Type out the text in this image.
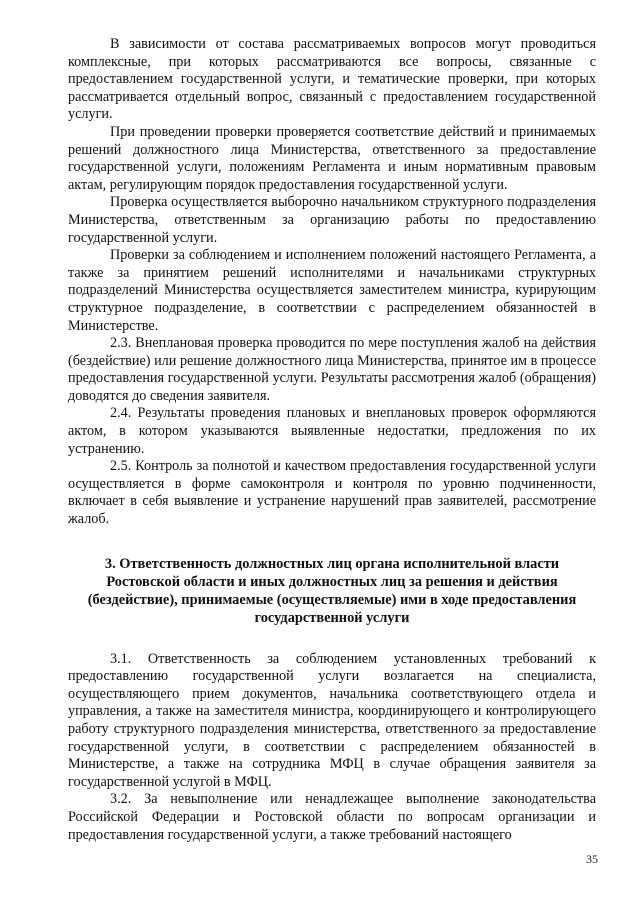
В зависимости от состава рассматриваемых вопросов могут проводиться комплексные, при которых рассматриваются все вопросы, связанные с предоставлением государственной услуги, и тематические проверки, при которых рассматривается отдельный вопрос, связанный с предоставлением государственной услуги.

При проведении проверки проверяется соответствие действий и принимаемых решений должностного лица Министерства, ответственного за предоставление государственной услуги, положениям Регламента и иным нормативным правовым актам, регулирующим порядок предоставления государственной услуги.

Проверка осуществляется выборочно начальником структурного подразделения Министерства, ответственным за организацию работы по предоставлению государственной услуги.

Проверки за соблюдением и исполнением положений настоящего Регламента, а также за принятием решений исполнителями и начальниками структурных подразделений Министерства осуществляется заместителем министра, курирующим структурное подразделение, в соответствии с распределением обязанностей в Министерстве.

2.3. Внеплановая проверка проводится по мере поступления жалоб на действия (бездействие) или решение должностного лица Министерства, принятое им в процессе предоставления государственной услуги. Результаты рассмотрения жалоб (обращения) доводятся до сведения заявителя.

2.4. Результаты проведения плановых и внеплановых проверок оформляются актом, в котором указываются выявленные недостатки, предложения по их устранению.

2.5. Контроль за полнотой и качеством предоставления государственной услуги осуществляется в форме самоконтроля и контроля по уровню подчиненности, включает в себя выявление и устранение нарушений прав заявителей, рассмотрение жалоб.

3. Ответственность должностных лиц органа исполнительной власти Ростовской области и иных должностных лиц за решения и действия (бездействие), принимаемые (осуществляемые) ими в ходе предоставления государственной услуги

3.1. Ответственность за соблюдением установленных требований к предоставлению государственной услуги возлагается на специалиста, осуществляющего прием документов, начальника соответствующего отдела и управления, а также на заместителя министра, координирующего и контролирующего работу структурного подразделения министерства, ответственного за предоставление государственной услуги, в соответствии с распределением обязанностей в Министерстве, а также на сотрудника МФЦ в случае обращения заявителя за государственной услугой в МФЦ.

3.2. За невыполнение или ненадлежащее выполнение законодательства Российской Федерации и Ростовской области по вопросам организации и предоставления государственной услуги, а также требований настоящего

35
